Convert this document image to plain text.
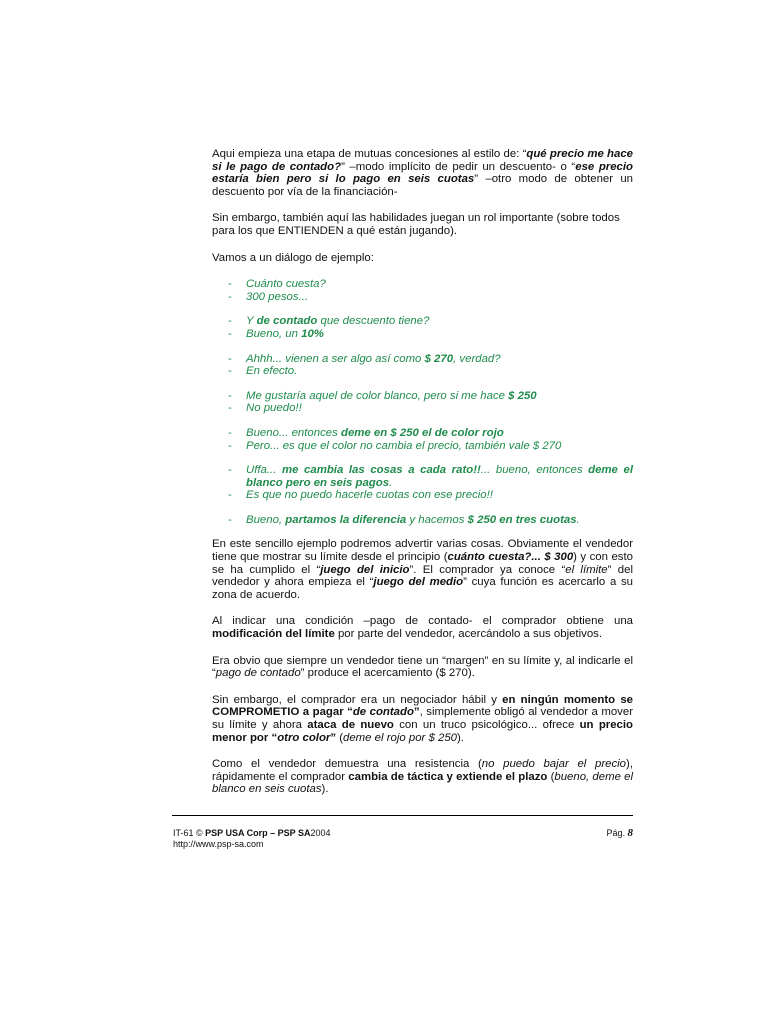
Aqui empieza una etapa de mutuas concesiones al estilo de: “qué precio me hace si le pago de contado?” –modo implícito de pedir un descuento- o “ese precio estaría bien pero si lo pago en seis cuotas” –otro modo de obtener un descuento por vía de la financiación-

Sin embargo, también aquí las habilidades juegan un rol importante (sobre todos para los que ENTIENDEN a qué están jugando).

Vamos a un diálogo de ejemplo:

-	Cuánto cuesta?
-	300 pesos...
-	Y de contado que descuento tiene?
-	Bueno, un 10%
-	Ahhh... vienen a ser algo así como $ 270, verdad?
-	En efecto.
-	Me gustaría aquel de color blanco, pero si me hace $ 250
-	No puedo!!
-	Bueno... entonces deme en $ 250 el de color rojo
-	Pero... es que el color no cambia el precio, también vale $ 270
-	Uffa... me cambia las cosas a cada rato!!... bueno, entonces deme el blanco pero en seis pagos.
-	Es que no puedo hacerle cuotas con ese precio!!
-	Bueno, partamos la diferencia y hacemos $ 250 en tres cuotas.

En este sencillo ejemplo podremos advertir varias cosas. Obviamente el vendedor tiene que mostrar su límite desde el principio (cuánto cuesta?... $ 300) y con esto se ha cumplido el “juego del inicio”. El comprador ya conoce “el límite” del vendedor y ahora empieza el “juego del medio” cuya función es acercarlo a su zona de acuerdo.

Al indicar una condición –pago de contado- el comprador obtiene una modificación del límite por parte del vendedor, acercándolo a sus objetivos.

Era obvio que siempre un vendedor tiene un “margen” en su límite y, al indicarle el “pago de contado” produce el acercamiento ($ 270).

Sin embargo, el comprador era un negociador hábil y en ningún momento se COMPROMETIO a pagar “de contado”, simplemente obligó al vendedor a mover su límite y ahora ataca de nuevo con un truco psicológico... ofrece un precio menor por “otro color” (deme el rojo por $ 250).

Como el vendedor demuestra una resistencia (no puedo bajar el precio), rápidamente el comprador cambia de táctica y extiende el plazo (bueno, deme el blanco en seis cuotas).

IT-61 © PSP USA Corp – PSP SA2004
http://www.psp-sa.com
Pág. 8
